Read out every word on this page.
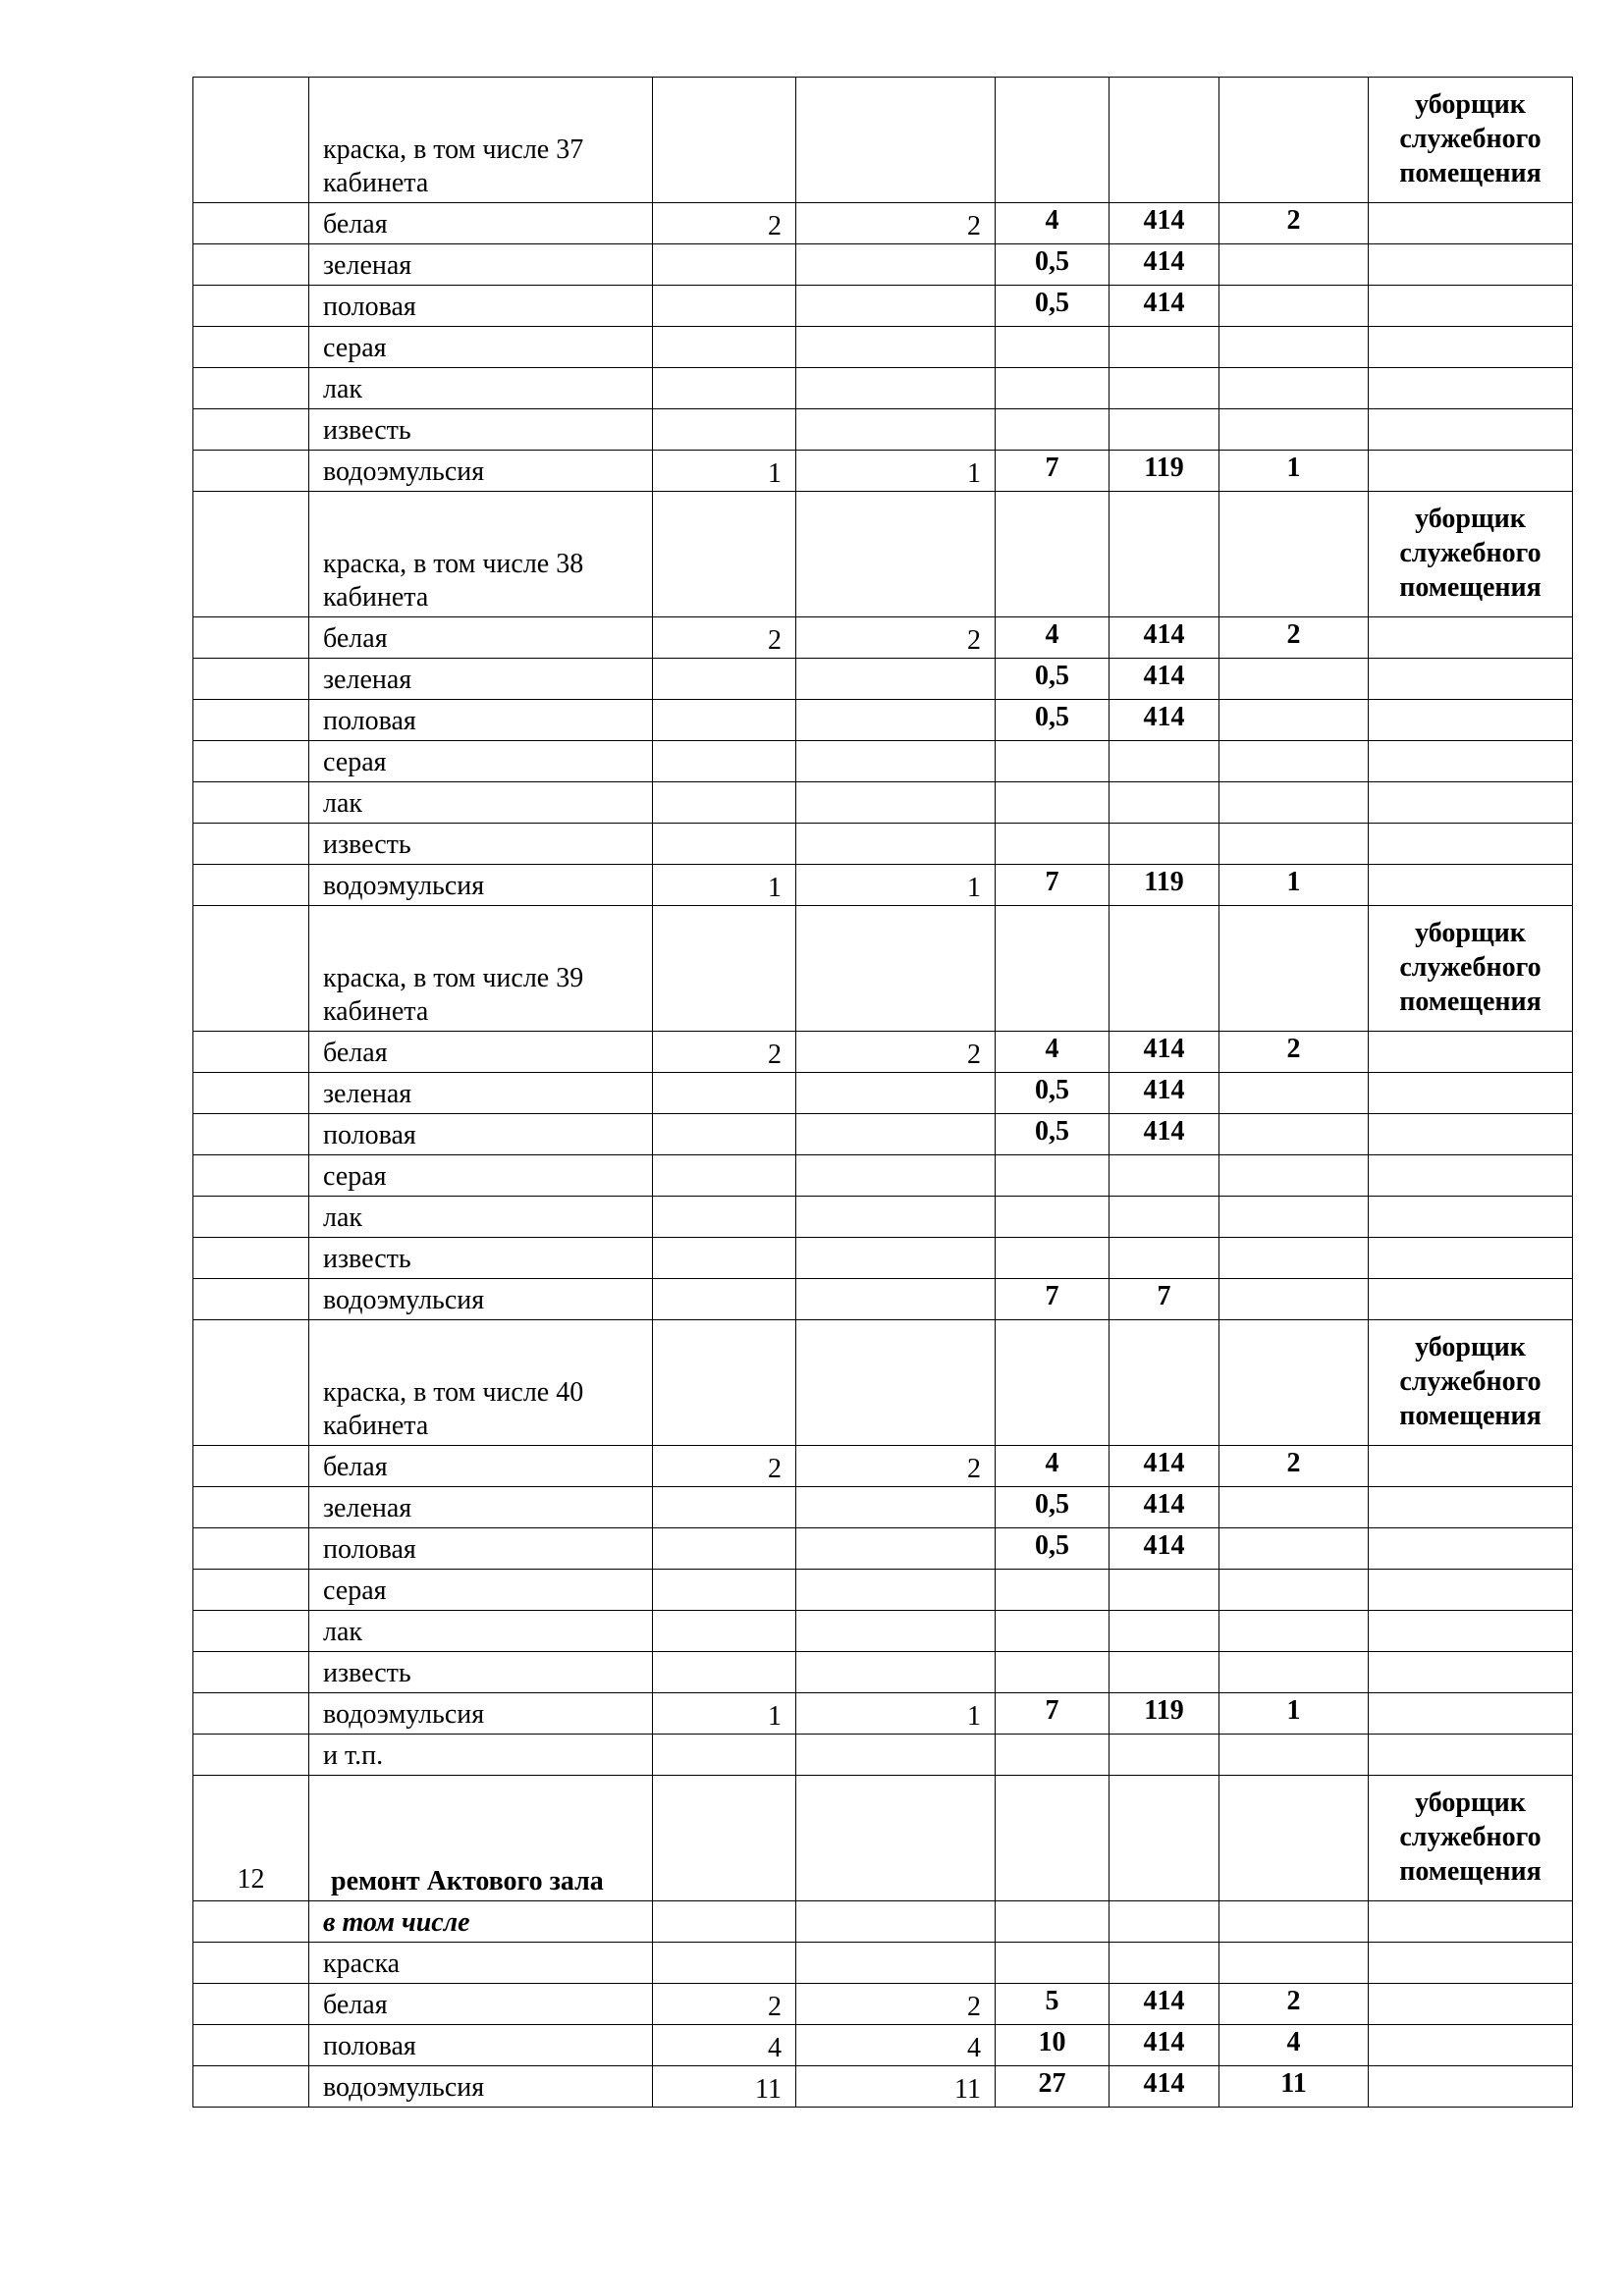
	краска, в том числе 37 кабинета						уборщик служебного помещения
	белая	2	2	4	414	2	
	зеленая			0,5	414		
	половая			0,5	414		
	серая						
	лак						
	известь						
	водоэмульсия	1	1	7	119	1	
	краска, в том числе 38 кабинета						уборщик служебного помещения
	белая	2	2	4	414	2	
	зеленая			0,5	414		
	половая			0,5	414		
	серая						
	лак						
	известь						
	водоэмульсия	1	1	7	119	1	
	краска, в том числе 39 кабинета						уборщик служебного помещения
	белая	2	2	4	414	2	
	зеленая			0,5	414		
	половая			0,5	414		
	серая						
	лак						
	известь						
	водоэмульсия			7	7		
	краска, в том числе 40 кабинета						уборщик служебного помещения
	белая	2	2	4	414	2	
	зеленая			0,5	414		
	половая			0,5	414		
	серая						
	лак						
	известь						
	водоэмульсия	1	1	7	119	1	
	и т.п.						
12	ремонт Актового зала						уборщик служебного помещения
	в том числе						
	краска						
	белая	2	2	5	414	2	
	половая	4	4	10	414	4	
	водоэмульсия	11	11	27	414	11	
